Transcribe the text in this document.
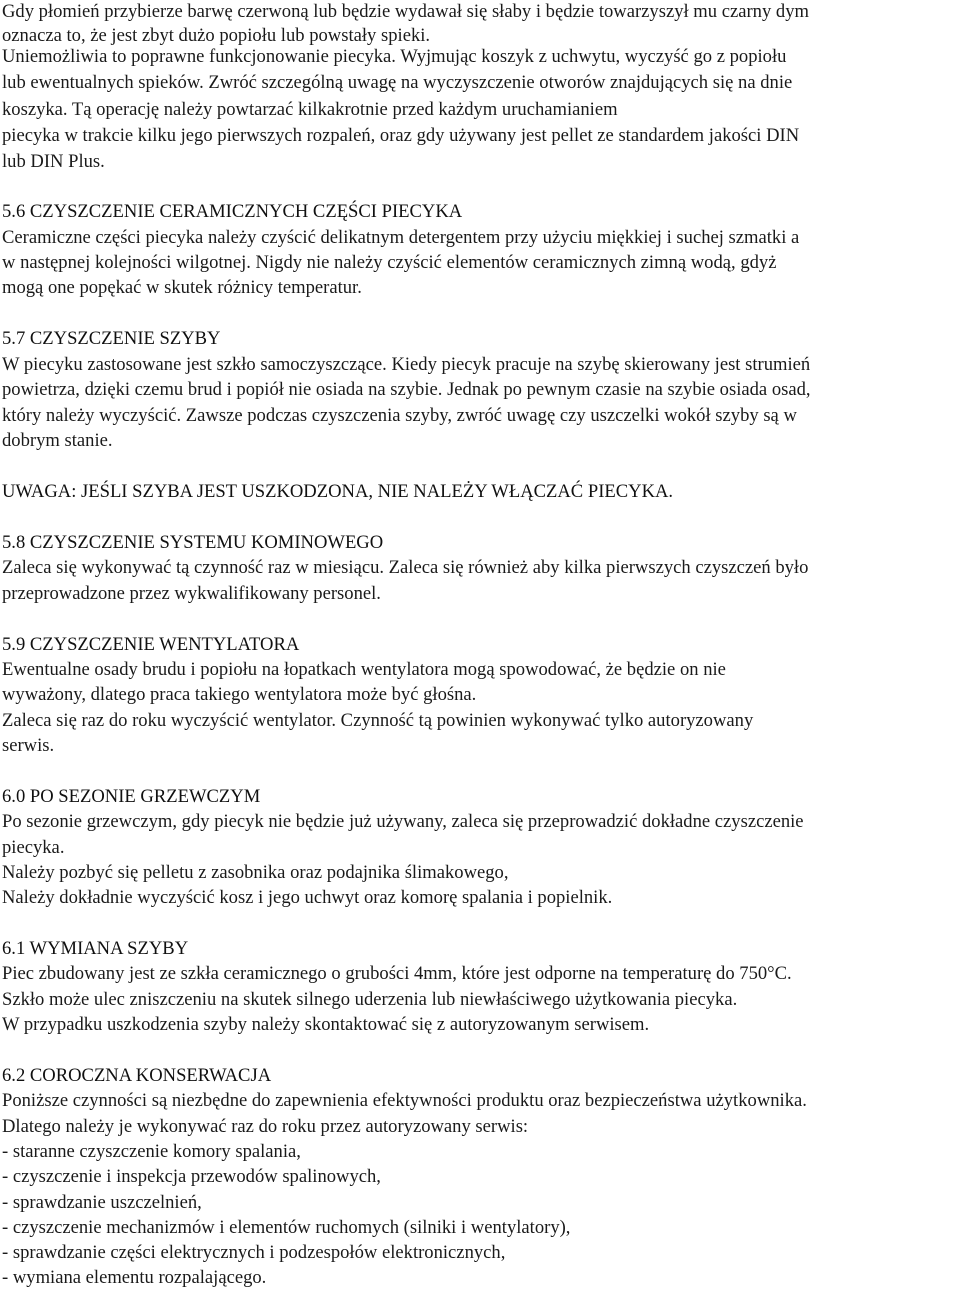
Gdy płomień przybierze barwę czerwoną lub będzie wydawał się słaby i będzie towarzyszył mu czarny dym

oznacza to, że jest zbyt dużo popiołu lub powstały spieki.

Uniemożliwia to poprawne funkcjonowanie piecyka. Wyjmując koszyk z uchwytu, wyczyść go z popiołu

lub ewentualnych spieków. Zwróć szczególną uwagę na wyczyszczenie otworów znajdujących się na dnie

koszyka. Tą operację należy powtarzać kilkakrotnie przed każdym uruchamianiem

piecyka w trakcie kilku jego pierwszych rozpaleń, oraz gdy używany jest pellet ze standardem jakości DIN

lub DIN Plus.

5.6 CZYSZCZENIE CERAMICZNYCH CZĘŚCI PIECYKA

Ceramiczne części piecyka należy czyścić delikatnym detergentem przy użyciu miękkiej i suchej szmatki a

w następnej kolejności wilgotnej. Nigdy nie należy czyścić elementów ceramicznych zimną wodą, gdyż

mogą one popękać w skutek różnicy temperatur.

5.7 CZYSZCZENIE SZYBY

W piecyku zastosowane jest szkło samoczyszczące. Kiedy piecyk pracuje na szybę skierowany jest strumień

powietrza, dzięki czemu brud i popiół nie osiada na szybie. Jednak po pewnym czasie na szybie osiada osad,

który należy wyczyścić. Zawsze podczas czyszczenia szyby, zwróć uwagę czy uszczelki wokół szyby są w

dobrym stanie.

UWAGA: JEŚLI SZYBA JEST USZKODZONA, NIE NALEŻY WŁĄCZAĆ PIECYKA.

5.8 CZYSZCZENIE SYSTEMU KOMINOWEGO

Zaleca się wykonywać tą czynność raz w miesiącu. Zaleca się również aby kilka pierwszych czyszczeń było

przeprowadzone przez wykwalifikowany personel.

5.9 CZYSZCZENIE WENTYLATORA

Ewentualne osady brudu i popiołu na łopatkach wentylatora mogą spowodować, że będzie on nie

wyważony, dlatego praca takiego wentylatora może być głośna.

Zaleca się raz do roku wyczyścić wentylator. Czynność tą powinien wykonywać tylko autoryzowany

serwis.

6.0 PO SEZONIE GRZEWCZYM

Po sezonie grzewczym, gdy piecyk nie będzie już używany, zaleca się przeprowadzić dokładne czyszczenie

piecyka.

Należy pozbyć się pelletu z zasobnika oraz podajnika ślimakowego,

Należy dokładnie wyczyścić kosz i jego uchwyt oraz komorę spalania i popielnik.

6.1 WYMIANA SZYBY

Piec zbudowany jest ze szkła ceramicznego o grubości 4mm, które jest odporne na temperaturę do 750°C.

Szkło może ulec zniszczeniu na skutek silnego uderzenia lub niewłaściwego użytkowania piecyka.

W przypadku uszkodzenia szyby należy skontaktować się z autoryzowanym serwisem.

6.2 COROCZNA KONSERWACJA

Poniższe czynności są niezbędne do zapewnienia efektywności produktu oraz bezpieczeństwa użytkownika.

Dlatego należy je wykonywać raz do roku przez autoryzowany serwis:

- staranne czyszczenie komory spalania,

- czyszczenie i inspekcja przewodów spalinowych,

- sprawdzanie uszczelnień,

- czyszczenie mechanizmów i elementów ruchomych (silniki i wentylatory),

- sprawdzanie części elektrycznych i podzespołów elektronicznych,

- wymiana elementu rozpalającego.
